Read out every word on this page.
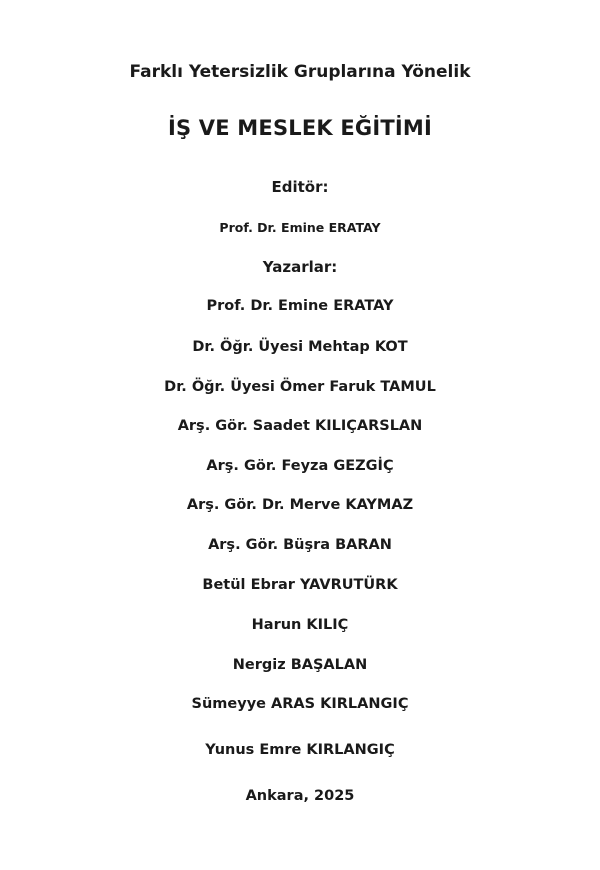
Farklı Yetersizlik Gruplarına Yönelik
İŞ VE MESLEK EĞİTİMİ
Editör:
Prof. Dr. Emine ERATAY
Yazarlar:
Prof. Dr. Emine ERATAY
Dr. Öğr. Üyesi Mehtap KOT
Dr. Öğr. Üyesi Ömer Faruk TAMUL
Arş. Gör. Saadet KILIÇARSLAN
Arş. Gör. Feyza GEZGİÇ
Arş. Gör. Dr. Merve KAYMAZ
Arş. Gör. Büşra BARAN
Betül Ebrar YAVRUTÜRK
Harun KILIÇ
Nergiz BAŞALAN
Sümeyye ARAS KIRLANGIÇ
Yunus Emre KIRLANGIÇ
Ankara, 2025
